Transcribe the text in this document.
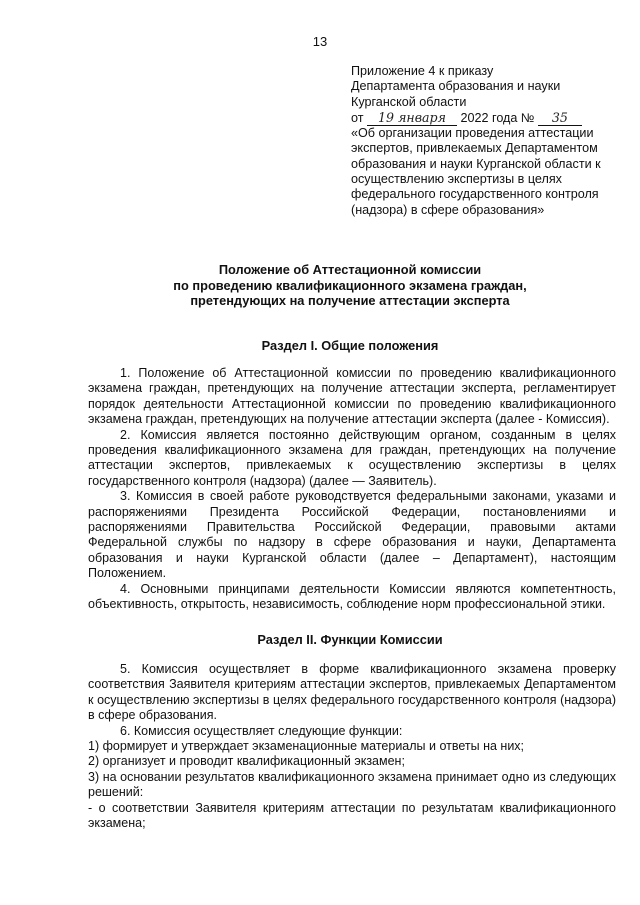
13
Приложение 4 к приказу
Департамента образования и науки
Курганской области
от 19 января 2022 года № 35
«Об организации проведения аттестации
экспертов, привлекаемых Департаментом
образования и науки Курганской области к
осуществлению экспертизы в целях
федерального государственного контроля
(надзора) в сфере образования»
Положение об Аттестационной комиссии
по проведению квалификационного экзамена граждан,
претендующих на получение аттестации эксперта
Раздел I. Общие положения

1. Положение об Аттестационной комиссии по проведению квалификационного экзамена граждан, претендующих на получение аттестации эксперта, регламентирует порядок деятельности Аттестационной комиссии по проведению квалификационного экзамена граждан, претендующих на получение аттестации эксперта (далее - Комиссия).

2. Комиссия является постоянно действующим органом, созданным в целях проведения квалификационного экзамена для граждан, претендующих на получение аттестации экспертов, привлекаемых к осуществлению экспертизы в целях государственного контроля (надзора) (далее — Заявитель).

3. Комиссия в своей работе руководствуется федеральными законами, указами и распоряжениями Президента Российской Федерации, постановлениями и распоряжениями Правительства Российской Федерации, правовыми актами Федеральной службы по надзору в сфере образования и науки, Департамента образования и науки Курганской области (далее – Департамент), настоящим Положением.

4. Основными принципами деятельности Комиссии являются компетентность, объективность, открытость, независимость, соблюдение норм профессиональной этики.

Раздел II. Функции Комиссии

5. Комиссия осуществляет в форме квалификационного экзамена проверку соответствия Заявителя критериям аттестации экспертов, привлекаемых Департаментом к осуществлению экспертизы в целях федерального государственного контроля (надзора) в сфере образования.

6. Комиссия осуществляет следующие функции:

1) формирует и утверждает экзаменационные материалы и ответы на них;

2) организует и проводит квалификационный экзамен;

3) на основании результатов квалификационного экзамена принимает одно из следующих решений:

- о соответствии Заявителя критериям аттестации по результатам квалификационного экзамена;
